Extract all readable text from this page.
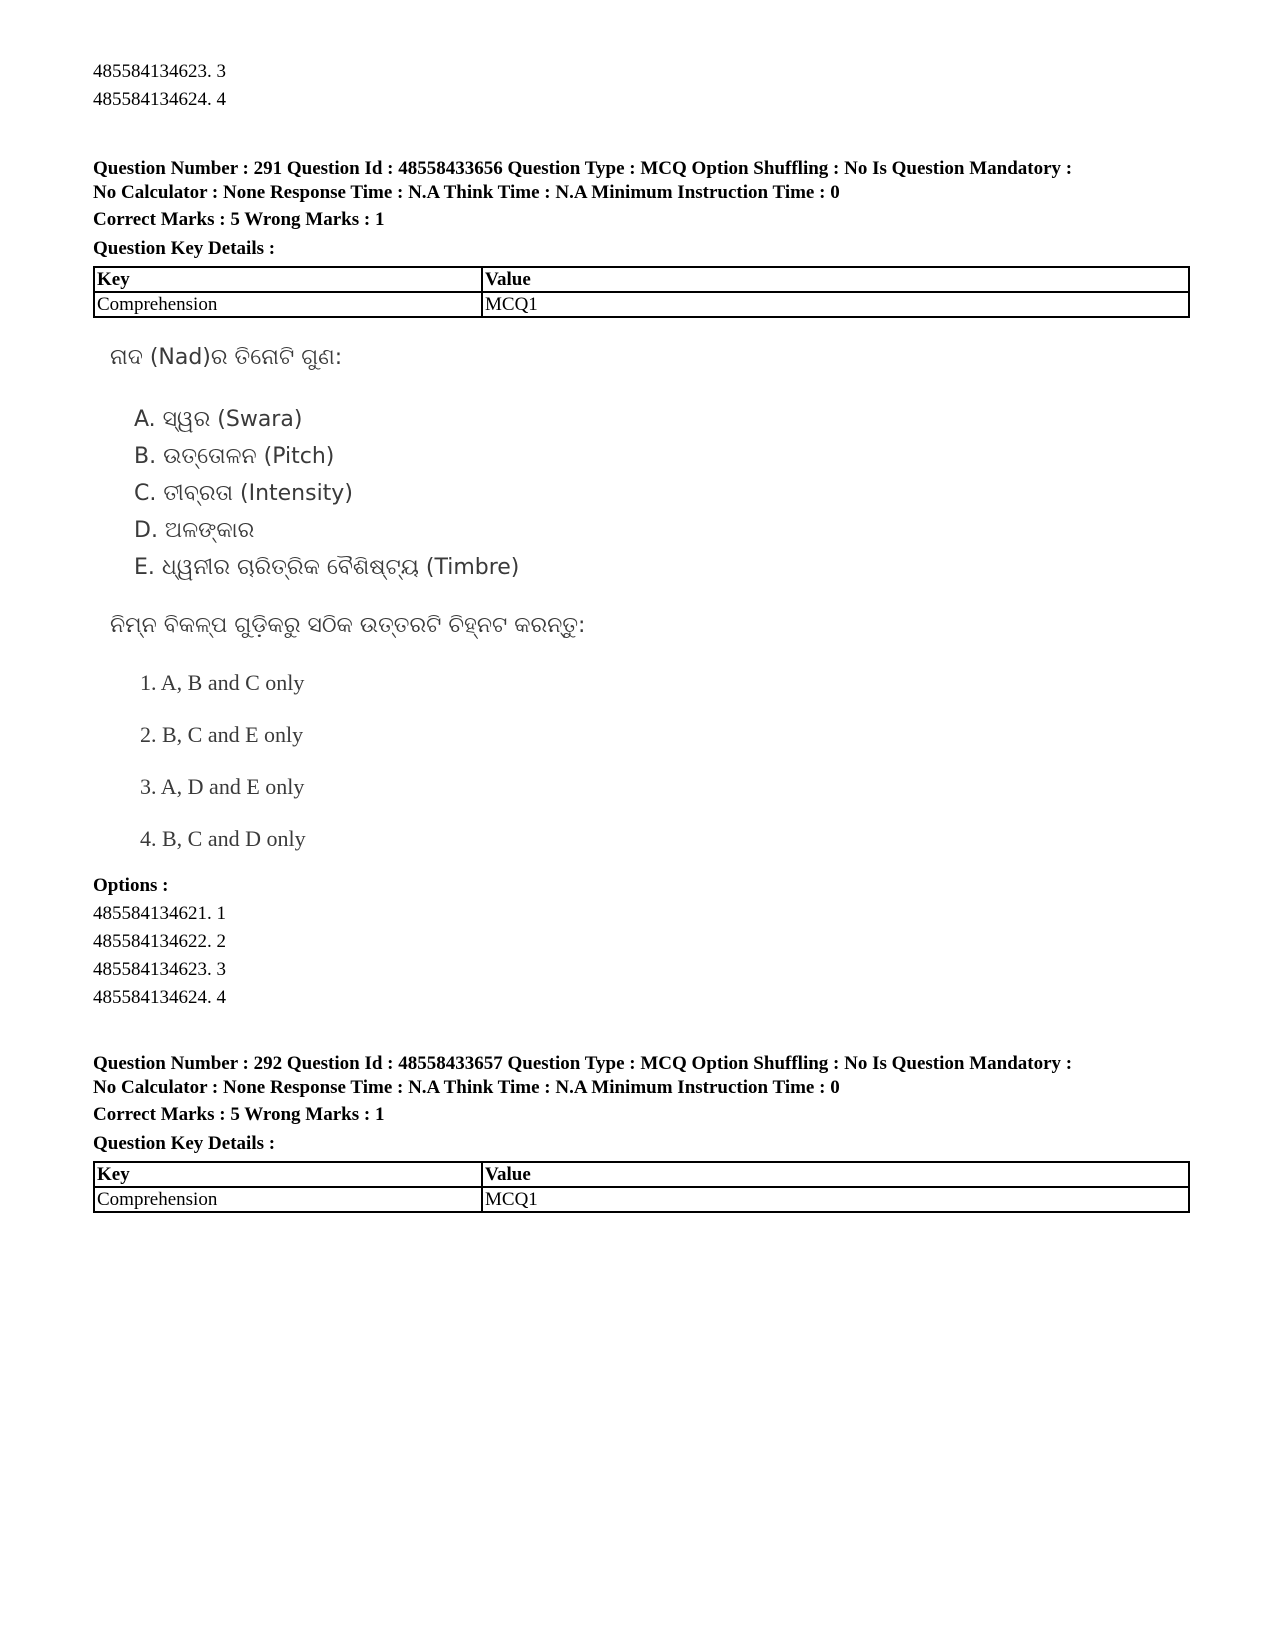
485584134623. 3
485584134624. 4
Question Number : 291 Question Id : 48558433656 Question Type : MCQ Option Shuffling : No Is Question Mandatory :
No Calculator : None Response Time : N.A Think Time : N.A Minimum Instruction Time : 0
Correct Marks : 5 Wrong Marks : 1
Question Key Details :
Key	Value
Comprehension	MCQ1
ନାଦ (Nad)ର ତିନୋଟି ଗୁଣ:
A. ସ୍ୱର (Swara)
B. ଉତ୍ତୋଳନ (Pitch)
C. ତୀବ୍ରତା (Intensity)
D. ଅଳଙ୍କାର
E. ଧ୍ୱନୀର ଚାରିତ୍ରିକ ବୈଶିଷ୍ଟ୍ୟ (Timbre)
ନିମ୍ନ ବିକଳ୍ପ ଗୁଡ଼ିକରୁ ସଠିକ ଉତ୍ତରଟି ଚିହ୍ନଟ କରନ୍ତୁ:
1. A, B and C only
2. B, C and E only
3. A, D and E only
4. B, C and D only
Options :
485584134621. 1
485584134622. 2
485584134623. 3
485584134624. 4
Question Number : 292 Question Id : 48558433657 Question Type : MCQ Option Shuffling : No Is Question Mandatory :
No Calculator : None Response Time : N.A Think Time : N.A Minimum Instruction Time : 0
Correct Marks : 5 Wrong Marks : 1
Question Key Details :
Key	Value
Comprehension	MCQ1
